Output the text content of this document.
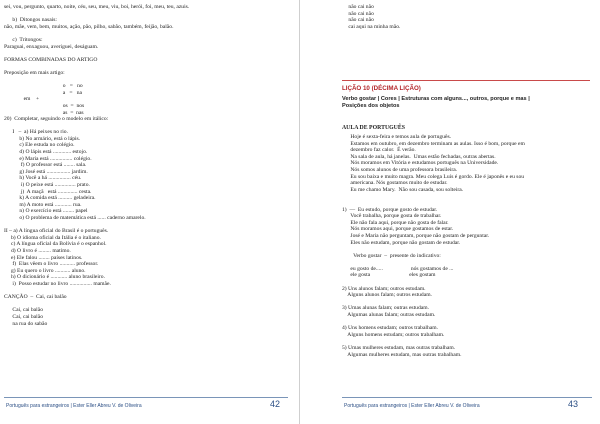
sei, vou, pergunto, quarto, noite, céu, seu, meu, viu, boi, herói, foi, meu, teu, azuis.
b)  Ditongos nasais:
não, mãe, vem, bem, muitos, ação, pão, pilho, sabão, também, feijão, balão.
c)  Tritongos:
Paraguai, enxaguou, averiguei, deságuam.
FORMAS COMBINADAS DO ARTIGO
Preposição em mais artigo:
o   =   no
a   =   na
em    +
os  =  nos
as  =  nas
20)  Completar, seguindo o modelo em itálico:
I   –  a) Há peixes no rio.
b) No armário, está o lápis.
c) Ele estuda no colégio.
d) O lápis está ............. estojo.
e) Maria está ................ colégio.
f) O professor está ........ sala.
g) José está ................. jardim.
h) Você a há ................ céu.
i) O peixe está ............... prato.
j)  A maçã   está .............. cesta.
k) A comida está .......... geladeira.
m) A moto está ............ rua.
n) O exercício está ........ papel
o) O problema de matemática está ...... caderno amarelo.
II – a) A língua oficial do Brasil é o português.
b) O idioma oficial da Itália é o italiano.
c) A língua oficial da Bolívia é o espanhol.
d) O livro é ......... matimo.
e) Ele falou ........ países latinos.
f)  Elas vêem o livro ........... professor.
g) Eu quero o livro ........... aluno.
h) O dicionário é ............ aluno brasileiro.
i)  Posso estudar no livro ................ mamãe.
CANÇÃO  –  Cai, cai balão
Cai, cai balão
Cai, cai balão
na rua do sabão
Português para estrangeiros | Ester Eller Abreu V. de Oliveira	42
não cai não
não cai não
não cai não
cai aqui na minha mão.
LIÇÃO 10 (DÉCIMA LIÇÃO)
Verbo gostar | Cores | Estruturas com alguns..., outros, porque e mas |
Posições dos objetos
AULA DE PORTUGUÊS
Hoje é sexta-feira e temos aula de português.
Estamos em outubro, em dezembro terminam as aulas. Isso é bom, porque em
dezembro faz calor.  É verão.
Na sala de aula, há janelas.  Umas estão fechadas, outras abertas.
Nós moramos em Vitória e estudamos português na Universidade.
Nós somos alunos de uma professora brasileira.
Eu sou baixa e muito magra. Meu colega Luís é gordo. Ele é japonês e eu sou
americana. Nós gostamos muito de estudar.
Eu me chamo Mary.  Não sou casada, sou solteira.
1)  —  Eu estudo, porque gosto de estudar.
Você trabalha, porque gosta de trabalhar.
Ele não fala aqui, porque não gosta de falar.
Nós moramos aqui, porque gostamos de estar.
José e Maria não perguntam, porque não gostam de perguntar.
Eles não estudam, porque não gostam de estudar.
Verbo gostar  –  presente do indicativo:
eu gosto de.....                    nós gostamos de ...
ele gosta                            eles gostam
2) Uns alunos falam; outros estudam.
Alguns alunos falam; outros estudam.
3) Umas alunas falam; outras estudam.
Algumas alunas falam; outras estudam.
4) Uns homens estudam; outros trabalham.
Alguns homens estudam; outros trabalham.
5) Umas mulheres estudam, mas outras trabalham.
Algumas mulheres estudam, mas outras trabalham.
Português para estrangeiros | Ester Eller Abreu V. de Oliveira	43
